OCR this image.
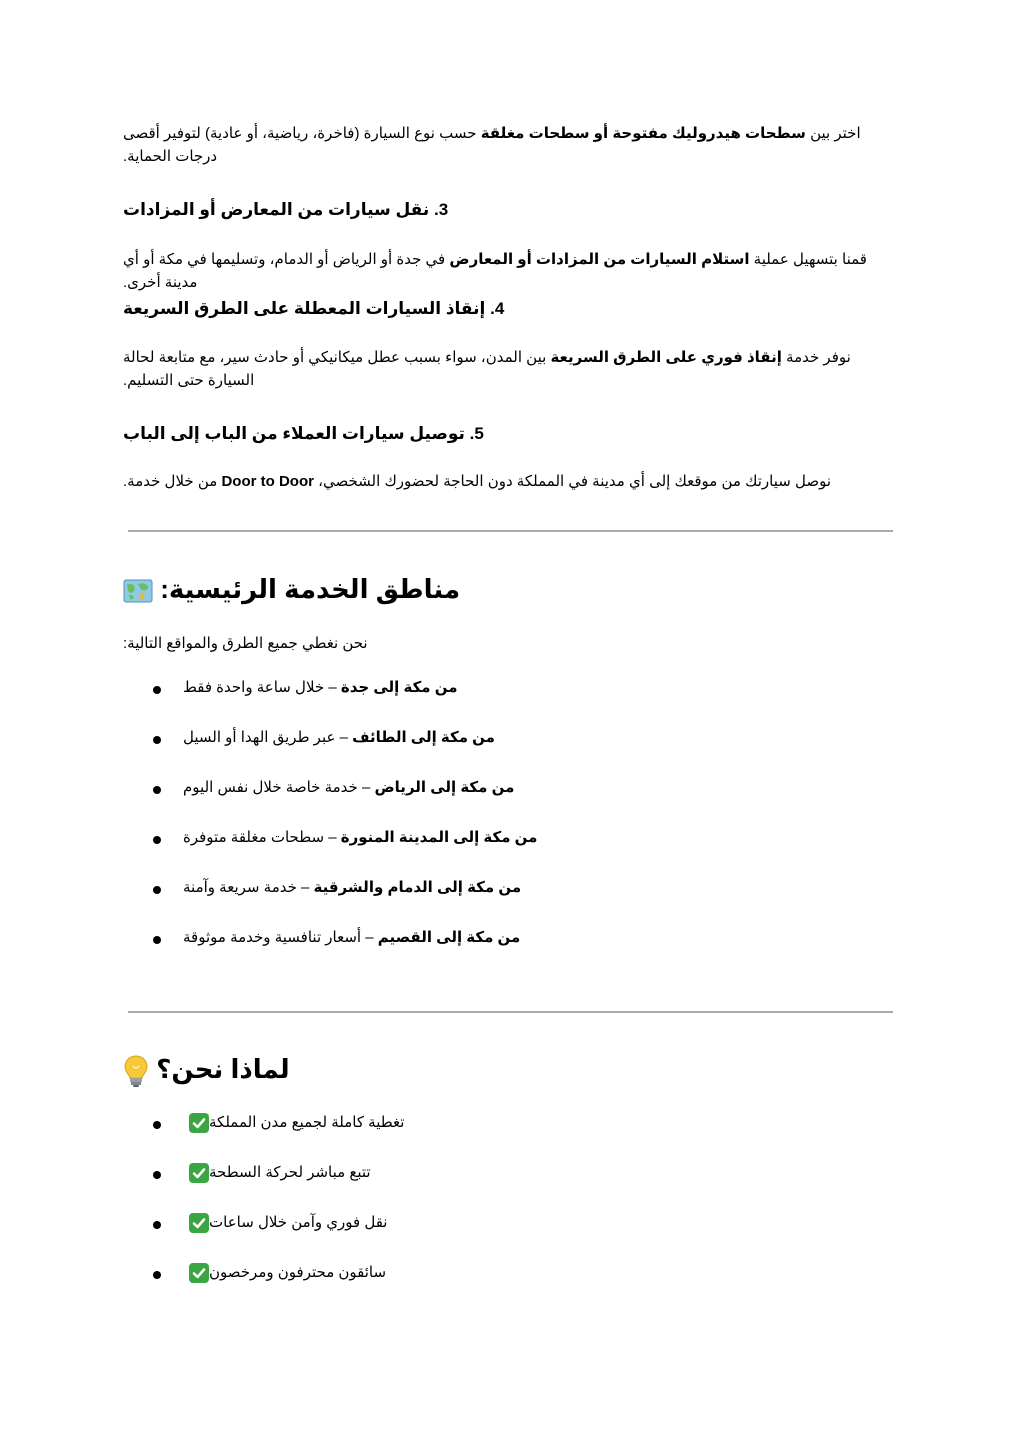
اختر بين سطحات هيدروليك مفتوحة أو سطحات مغلقة حسب نوع السيارة (فاخرة، رياضية، أو عادية) لتوفير أقصى درجات الحماية.
3. نقل سيارات من المعارض أو المزادات
قمنا بتسهيل عملية استلام السيارات من المزادات أو المعارض في جدة أو الرياض أو الدمام، وتسليمها في مكة أو أي مدينة أخرى.
4. إنقاذ السيارات المعطلة على الطرق السريعة
نوفر خدمة إنقاذ فوري على الطرق السريعة بين المدن، سواء بسبب عطل ميكانيكي أو حادث سير، مع متابعة لحالة السيارة حتى التسليم.
5. توصيل سيارات العملاء من الباب إلى الباب
نوصل سيارتك من موقعك إلى أي مدينة في المملكة دون الحاجة لحضورك الشخصي، Door to Door من خلال خدمة.
مناطق الخدمة الرئيسية:
نحن نغطي جميع الطرق والمواقع التالية:
من مكة إلى جدة – خلال ساعة واحدة فقط
من مكة إلى الطائف – عبر طريق الهدا أو السيل
من مكة إلى الرياض – خدمة خاصة خلال نفس اليوم
من مكة إلى المدينة المنورة – سطحات مغلقة متوفرة
من مكة إلى الدمام والشرقية – خدمة سريعة وآمنة
من مكة إلى القصيم – أسعار تنافسية وخدمة موثوقة
لماذا نحن؟
تغطية كاملة لجميع مدن المملكة
تتبع مباشر لحركة السطحة
نقل فوري وآمن خلال ساعات
سائقون محترفون ومرخصون
